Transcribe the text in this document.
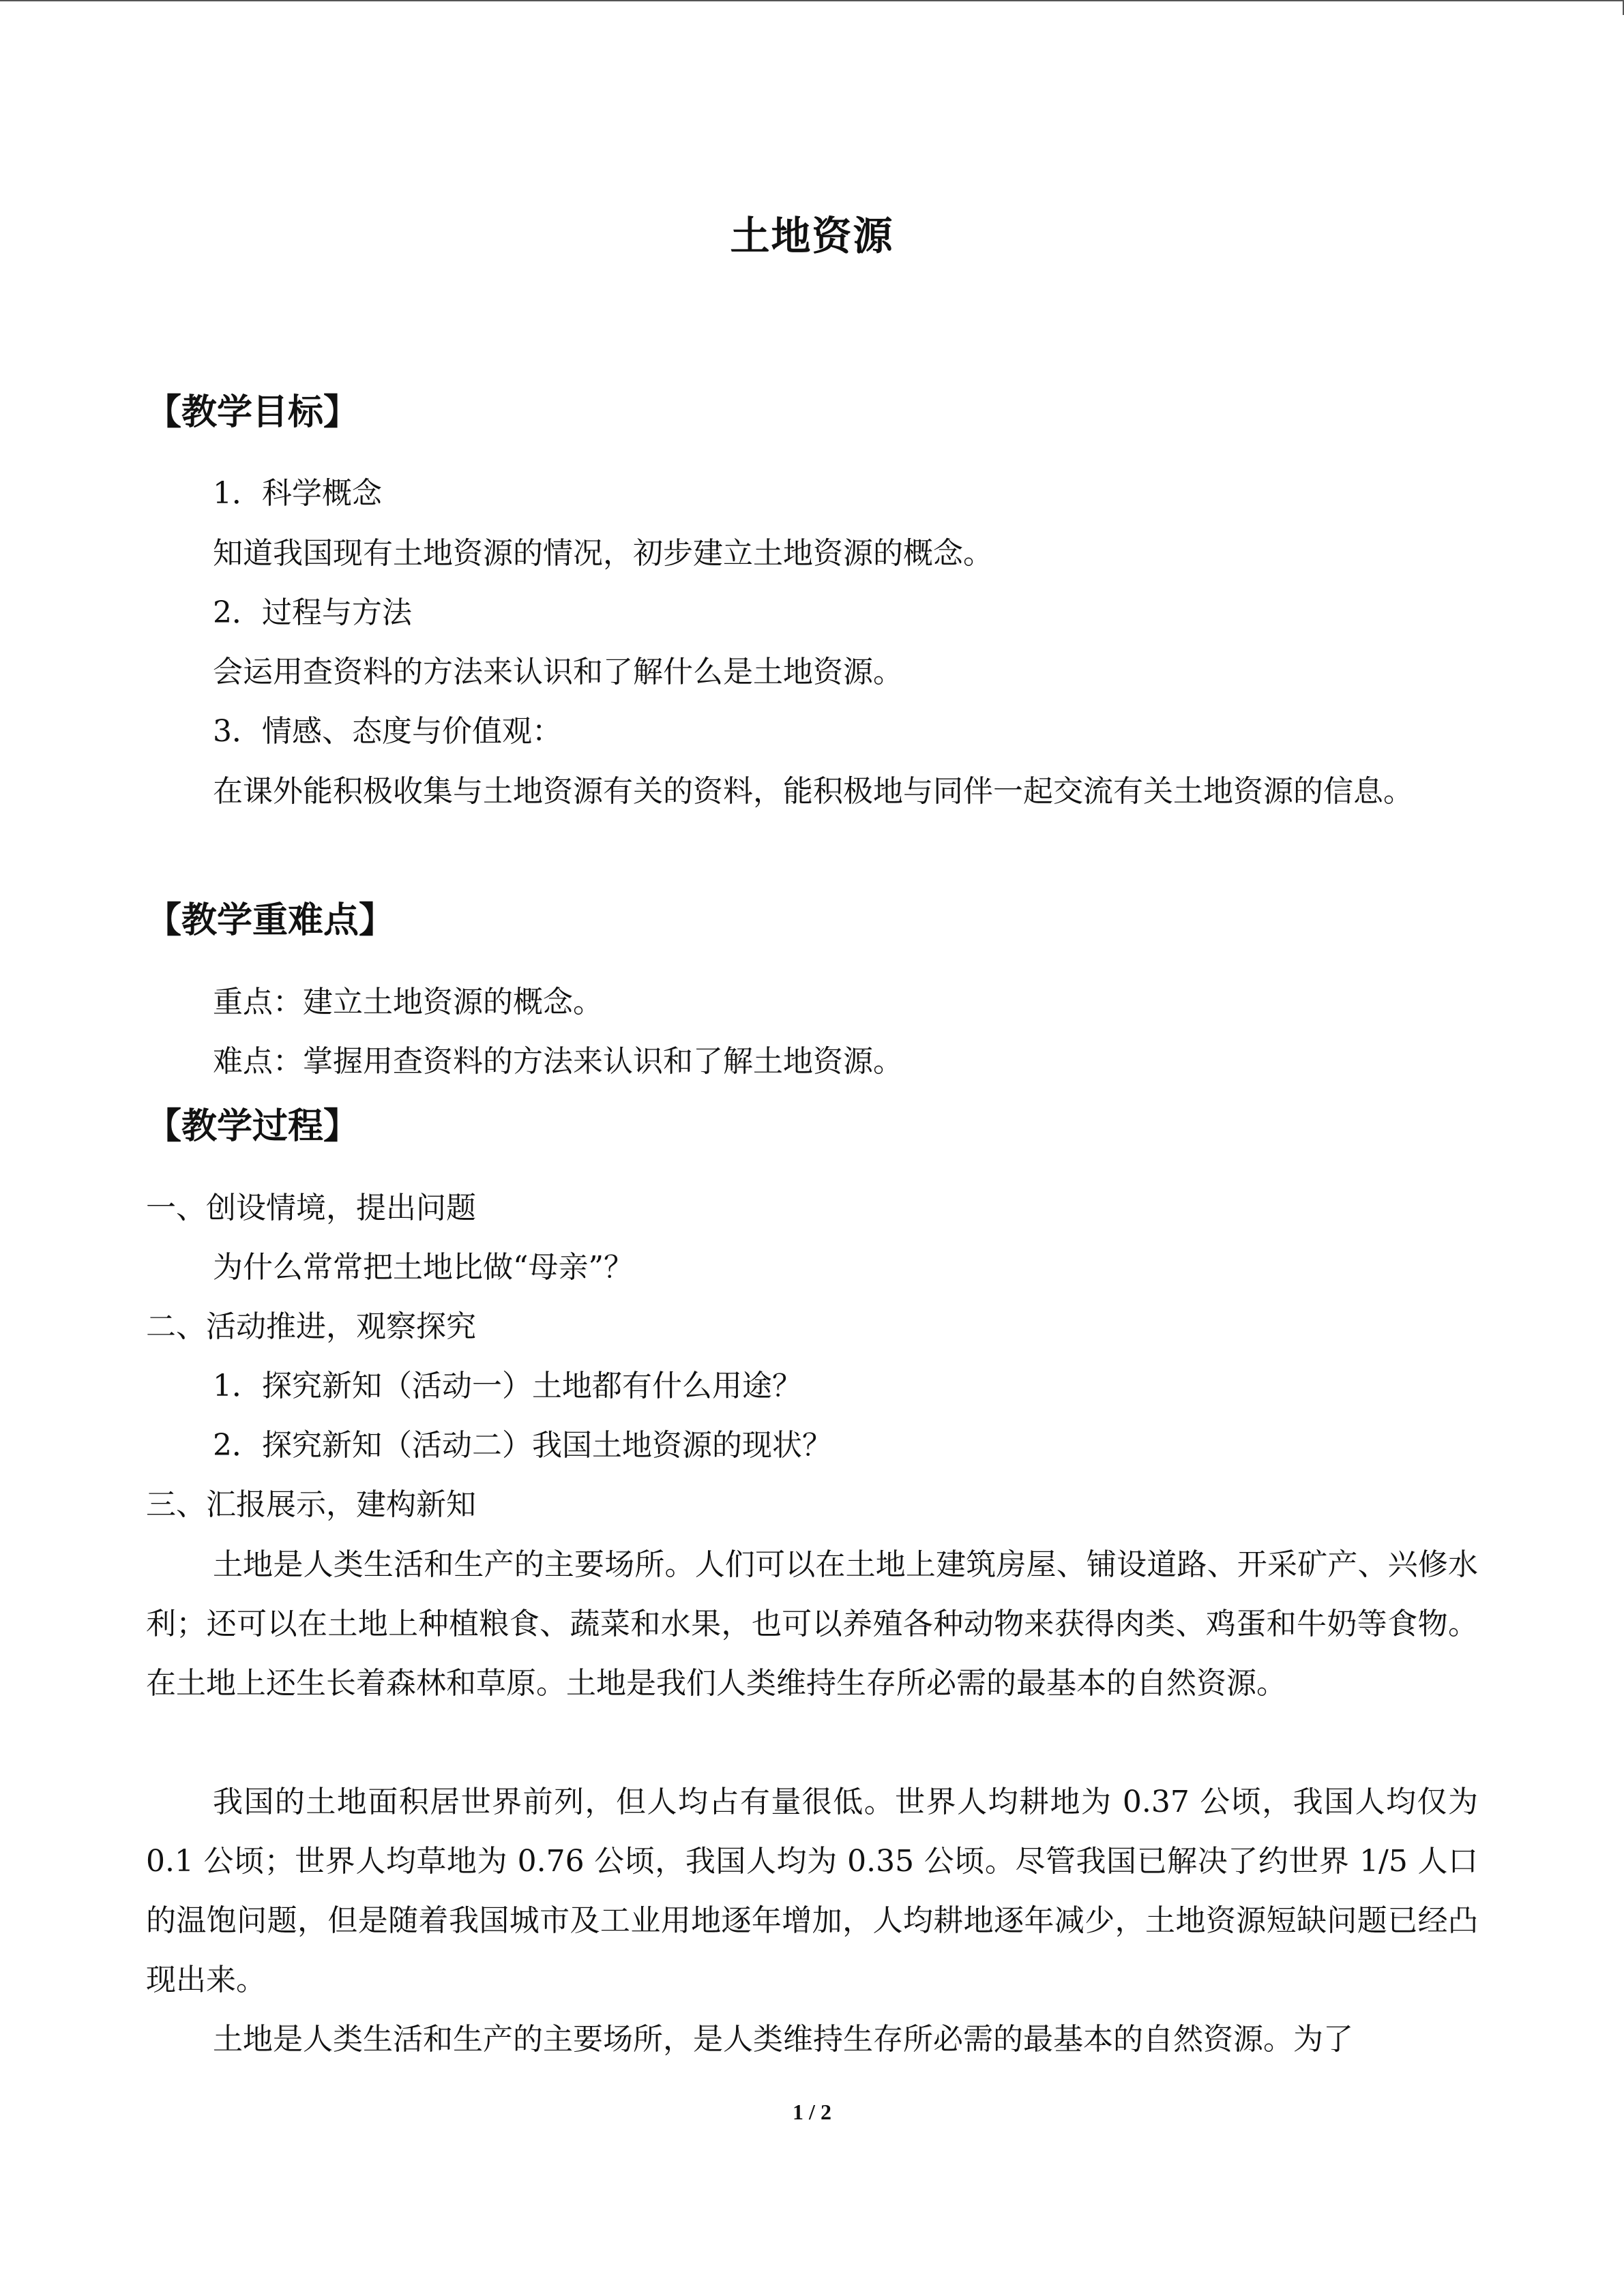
土地资源
【教学目标】
1．科学概念
知道我国现有土地资源的情况，初步建立土地资源的概念。
2．过程与方法
会运用查资料的方法来认识和了解什么是土地资源。
3．情感、态度与价值观：
在课外能积极收集与土地资源有关的资料，能积极地与同伴一起交流有关土地资源的信息。
【教学重难点】
重点：建立土地资源的概念。
难点：掌握用查资料的方法来认识和了解土地资源。
【教学过程】
一、创设情境，提出问题
为什么常常把土地比做“母亲”？
二、活动推进，观察探究
1．探究新知（活动一）土地都有什么用途？
2．探究新知（活动二）我国土地资源的现状？
三、汇报展示，建构新知
土地是人类生活和生产的主要场所。人们可以在土地上建筑房屋、铺设道路、开采矿产、兴修水利；还可以在土地上种植粮食、蔬菜和水果，也可以养殖各种动物来获得肉类、鸡蛋和牛奶等食物。在土地上还生长着森林和草原。土地是我们人类维持生存所必需的最基本的自然资源。
我国的土地面积居世界前列，但人均占有量很低。世界人均耕地为 0.37 公顷，我国人均仅为 0.1 公顷；世界人均草地为 0.76 公顷，我国人均为 0.35 公顷。尽管我国已解决了约世界 1/5 人口的温饱问题，但是随着我国城市及工业用地逐年增加，人均耕地逐年减少，土地资源短缺问题已经凸现出来。
土地是人类生活和生产的主要场所，是人类维持生存所必需的最基本的自然资源。为了
1 / 2
